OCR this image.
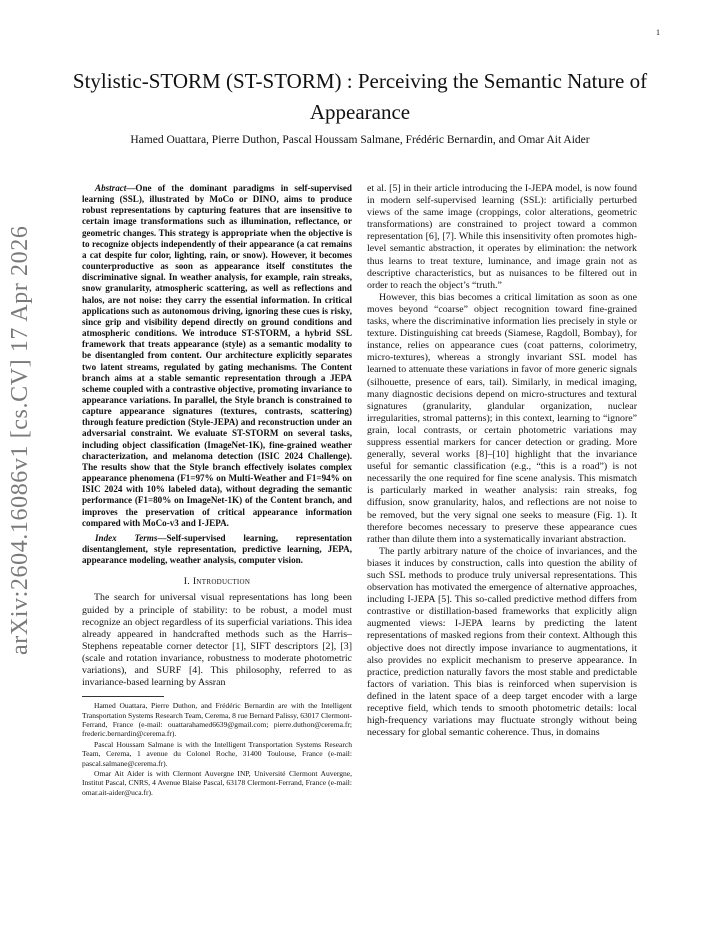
1
arXiv:2604.16086v1 [cs.CV] 17 Apr 2026
Stylistic-STORM (ST-STORM) : Perceiving the Semantic Nature of Appearance
Hamed Ouattara, Pierre Duthon, Pascal Houssam Salmane, Frédéric Bernardin, and Omar Ait Aider

Abstract—One of the dominant paradigms in self-supervised learning (SSL), illustrated by MoCo or DINO, aims to produce robust representations by capturing features that are insensitive to certain image transformations such as illumination, reflectance, or geometric changes. This strategy is appropriate when the objective is to recognize objects independently of their appearance (a cat remains a cat despite fur color, lighting, rain, or snow). However, it becomes counterproductive as soon as appearance itself constitutes the discriminative signal. In weather analysis, for example, rain streaks, snow granularity, atmospheric scattering, as well as reflections and halos, are not noise: they carry the essential information. In critical applications such as autonomous driving, ignoring these cues is risky, since grip and visibility depend directly on ground conditions and atmospheric conditions. We introduce ST-STORM, a hybrid SSL framework that treats appearance (style) as a semantic modality to be disentangled from content. Our architecture explicitly separates two latent streams, regulated by gating mechanisms. The Content branch aims at a stable semantic representation through a JEPA scheme coupled with a contrastive objective, promoting invariance to appearance variations. In parallel, the Style branch is constrained to capture appearance signatures (textures, contrasts, scattering) through feature prediction (Style-JEPA) and reconstruction under an adversarial constraint. We evaluate ST-STORM on several tasks, including object classification (ImageNet-1K), fine-grained weather characterization, and melanoma detection (ISIC 2024 Challenge). The results show that the Style branch effectively isolates complex appearance phenomena (F1=97% on Multi-Weather and F1=94% on ISIC 2024 with 10% labeled data), without degrading the semantic performance (F1=80% on ImageNet-1K) of the Content branch, and improves the preservation of critical appearance information compared with MoCo-v3 and I-JEPA.

Index Terms—Self-supervised learning, representation disentanglement, style representation, predictive learning, JEPA, appearance modeling, weather analysis, computer vision.

I. Introduction

The search for universal visual representations has long been guided by a principle of stability: to be robust, a model must recognize an object regardless of its superficial variations. This idea already appeared in handcrafted methods such as the Harris–Stephens repeatable corner detector [1], SIFT descriptors [2], [3] (scale and rotation invariance, robustness to moderate photometric variations), and SURF [4]. This philosophy, referred to as invariance-based learning by Assran

Hamed Ouattara, Pierre Duthon, and Frédéric Bernardin are with the Intelligent Transportation Systems Research Team, Cerema, 8 rue Bernard Palissy, 63017 Clermont-Ferrand, France (e-mail: ouattarahamed6639@gmail.com; pierre.duthon@cerema.fr; frederic.bernardin@cerema.fr).

Pascal Houssam Salmane is with the Intelligent Transportation Systems Research Team, Cerema, 1 avenue du Colonel Roche, 31400 Toulouse, France (e-mail: pascal.salmane@cerema.fr).

Omar Ait Aider is with Clermont Auvergne INP, Université Clermont Auvergne, Institut Pascal, CNRS, 4 Avenue Blaise Pascal, 63178 Clermont-Ferrand, France (e-mail: omar.ait-aider@uca.fr).

et al. [5] in their article introducing the I-JEPA model, is now found in modern self-supervised learning (SSL): artificially perturbed views of the same image (croppings, color alterations, geometric transformations) are constrained to project toward a common representation [6], [7]. While this insensitivity often promotes high-level semantic abstraction, it operates by elimination: the network thus learns to treat texture, luminance, and image grain not as descriptive characteristics, but as nuisances to be filtered out in order to reach the object’s “truth.”

However, this bias becomes a critical limitation as soon as one moves beyond “coarse” object recognition toward fine-grained tasks, where the discriminative information lies precisely in style or texture. Distinguishing cat breeds (Siamese, Ragdoll, Bombay), for instance, relies on appearance cues (coat patterns, colorimetry, micro-textures), whereas a strongly invariant SSL model has learned to attenuate these variations in favor of more generic signals (silhouette, presence of ears, tail). Similarly, in medical imaging, many diagnostic decisions depend on micro-structures and textural signatures (granularity, glandular organization, nuclear irregularities, stromal patterns); in this context, learning to “ignore” grain, local contrasts, or certain photometric variations may suppress essential markers for cancer detection or grading. More generally, several works [8]–[10] highlight that the invariance useful for semantic classification (e.g., “this is a road”) is not necessarily the one required for fine scene analysis. This mismatch is particularly marked in weather analysis: rain streaks, fog diffusion, snow granularity, halos, and reflections are not noise to be removed, but the very signal one seeks to measure (Fig. 1). It therefore becomes necessary to preserve these appearance cues rather than dilute them into a systematically invariant abstraction.

The partly arbitrary nature of the choice of invariances, and the biases it induces by construction, calls into question the ability of such SSL methods to produce truly universal representations. This observation has motivated the emergence of alternative approaches, including I-JEPA [5]. This so-called predictive method differs from contrastive or distillation-based frameworks that explicitly align augmented views: I-JEPA learns by predicting the latent representations of masked regions from their context. Although this objective does not directly impose invariance to augmentations, it also provides no explicit mechanism to preserve appearance. In practice, prediction naturally favors the most stable and predictable factors of variation. This bias is reinforced when supervision is defined in the latent space of a deep target encoder with a large receptive field, which tends to smooth photometric details: local high-frequency variations may fluctuate strongly without being necessary for global semantic coherence. Thus, in domains
